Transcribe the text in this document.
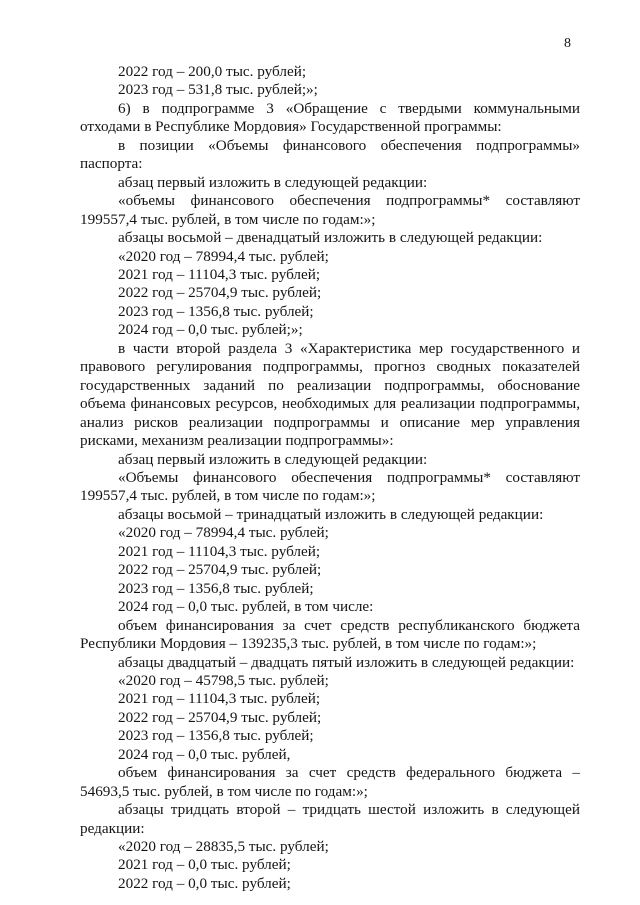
8

2022 год – 200,0 тыс. рублей;

2023 год – 531,8 тыс. рублей;»;

6) в подпрограмме 3 «Обращение с твердыми коммунальными отходами в Республике Мордовия» Государственной программы:

в позиции «Объемы финансового обеспечения подпрограммы» паспорта:

абзац первый изложить в следующей редакции:

«объемы финансового обеспечения подпрограммы* составляют 199557,4 тыс. рублей, в том числе по годам:»;

абзацы восьмой – двенадцатый изложить в следующей редакции:

«2020 год – 78994,4 тыс. рублей;

2021 год – 11104,3 тыс. рублей;

2022 год – 25704,9 тыс. рублей;

2023 год – 1356,8 тыс. рублей;

2024 год – 0,0 тыс. рублей;»;

в части второй раздела 3 «Характеристика мер государственного и правового регулирования подпрограммы, прогноз сводных показателей государственных заданий по реализации подпрограммы, обоснование объема финансовых ресурсов, необходимых для реализации подпрограммы, анализ рисков реализации подпрограммы и описание мер управления рисками, механизм реализации подпрограммы»:

абзац первый изложить в следующей редакции:

«Объемы финансового обеспечения подпрограммы* составляют 199557,4 тыс. рублей, в том числе по годам:»;

абзацы восьмой – тринадцатый изложить в следующей редакции:

«2020 год – 78994,4 тыс. рублей;

2021 год – 11104,3 тыс. рублей;

2022 год – 25704,9 тыс. рублей;

2023 год – 1356,8 тыс. рублей;

2024 год – 0,0 тыс. рублей, в том числе:

объем финансирования за счет средств республиканского бюджета Республики Мордовия – 139235,3 тыс. рублей, в том числе по годам:»;

абзацы двадцатый – двадцать пятый изложить в следующей редакции:

«2020 год – 45798,5 тыс. рублей;

2021 год – 11104,3 тыс. рублей;

2022 год – 25704,9 тыс. рублей;

2023 год – 1356,8 тыс. рублей;

2024 год – 0,0 тыс. рублей,

объем финансирования за счет средств федерального бюджета – 54693,5 тыс. рублей, в том числе по годам:»;

абзацы тридцать второй – тридцать шестой изложить в следующей редакции:

«2020 год – 28835,5 тыс. рублей;

2021 год – 0,0 тыс. рублей;

2022 год – 0,0 тыс. рублей;
